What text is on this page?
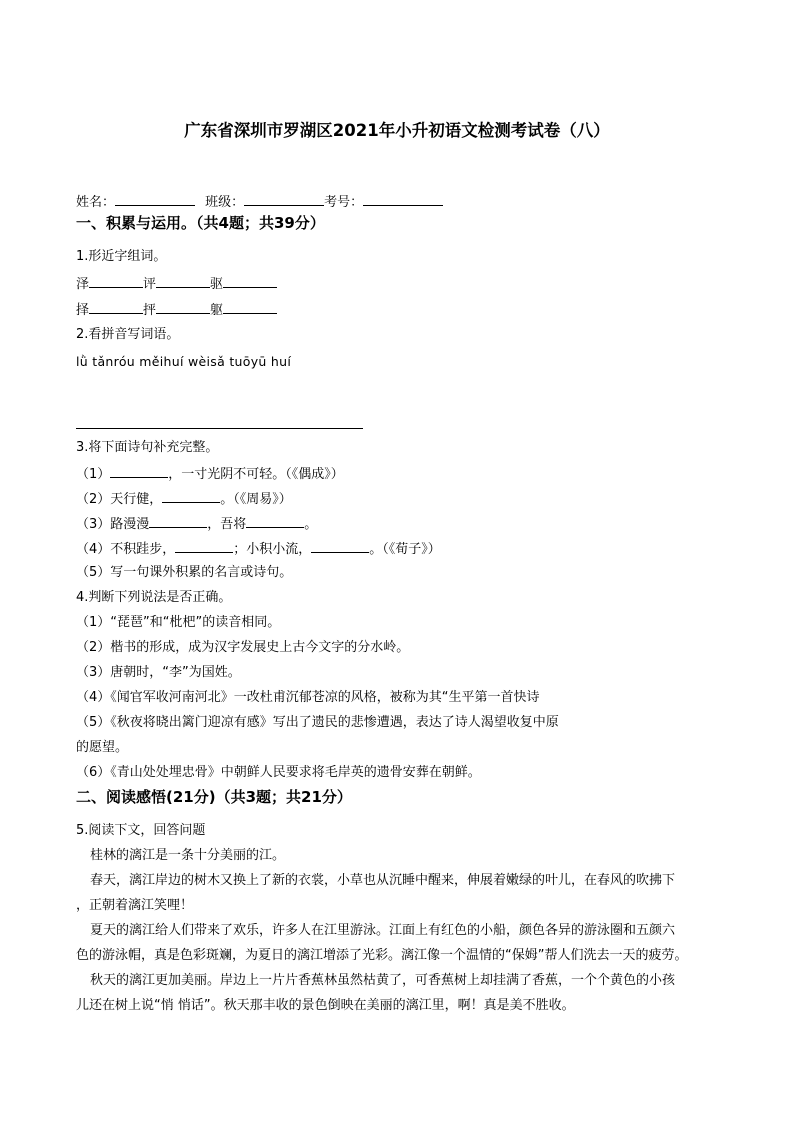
广东省深圳市罗湖区2021年小升初语文检测考试卷（八）
姓名：	班级：	考号：
一、积累与运用。（共4题；共39分）
1.形近字组词。
泽	评	驱
择	抨	躯
2.看拼音写词语。
lǜ tǎnróu měihuí wèisǎ tuōyū huí
3.将下面诗句补充完整。
（1）	，一寸光阴不可轻。（《偶成》）
（2）天行健，	。（《周易》）
（3）路漫漫	，吾将	。
（4）不积跬步，	；小积小流，	。（《荀子》）
（5）写一句课外积累的名言或诗句。
4.判断下列说法是否正确。
（1）“琵琶”和“枇杷”的读音相同。
（2）楷书的形成，成为汉字发展史上古今文字的分水岭。
（3）唐朝时，“李”为国姓。
（4）《闻官军收河南河北》一改杜甫沉郁苍凉的风格，被称为其“生平第一首快诗
（5）《秋夜将晓出篱门迎凉有感》写出了遗民的悲惨遭遇，表达了诗人渴望收复中原
的愿望。
（6）《青山处处埋忠骨》中朝鲜人民要求将毛岸英的遗骨安葬在朝鲜。
二、阅读感悟(21分)（共3题；共21分）
5.阅读下文，回答问题
桂林的漓江是一条十分美丽的江。
春天，漓江岸边的树木又换上了新的衣裳，小草也从沉睡中醒来，伸展着嫩绿的叶儿，在春风的吹拂下
，正朝着漓江笑哩！
夏天的漓江给人们带来了欢乐，许多人在江里游泳。江面上有红色的小船，颜色各异的游泳圈和五颜六
色的游泳帽，真是色彩斑斓，为夏日的漓江增添了光彩。漓江像一个温情的“保姆”帮人们洗去一天的疲劳。
秋天的漓江更加美丽。岸边上一片片香蕉林虽然枯黄了，可香蕉树上却挂满了香蕉，一个个黄色的小孩
儿还在树上说“悄 悄话”。秋天那丰收的景色倒映在美丽的漓江里，啊！真是美不胜收。
